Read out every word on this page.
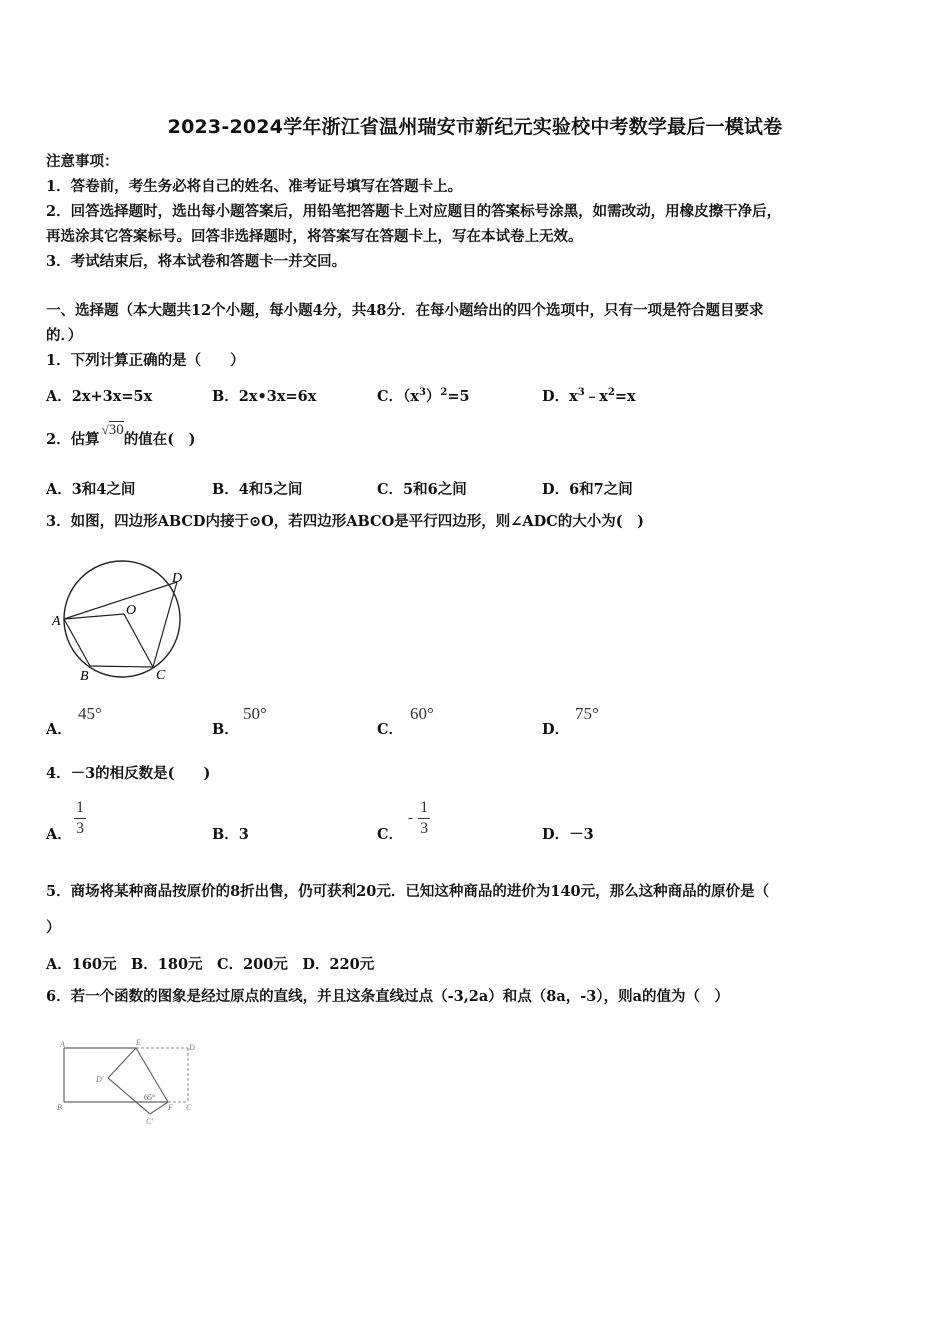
2023-2024学年浙江省温州瑞安市新纪元实验校中考数学最后一模试卷
注意事项：
1．答卷前，考生务必将自己的姓名、准考证号填写在答题卡上。
2．回答选择题时，选出每小题答案后，用铅笔把答题卡上对应题目的答案标号涂黑，如需改动，用橡皮擦干净后，
再选涂其它答案标号。回答非选择题时，将答案写在答题卡上，写在本试卷上无效。
3．考试结束后，将本试卷和答题卡一并交回。
一、选择题（本大题共12个小题，每小题4分，共48分．在每小题给出的四个选项中，只有一项是符合题目要求
的．）
1．下列计算正确的是（　　）
A．2x+3x=5x	B．2x•3x=6x	C．$(x^3)^2=5$	D．$x^3﹣x^2=x$
2．估算√30的值在(　)
A．3和4之间	B．4和5之间	C．5和6之间	D．6和7之间
3．如图，四边形ABCD内接于⊙O，若四边形ABCO是平行四边形，则∠ADC的大小为(　)
A
B	C
D
O
A．
45°
B．
50°
C．
60°
D．
75°
4．－3的相反数是(　　)
A． $\frac{1}{3}$	B．3	C．
- $\frac{1}{3}$	D．－3
5．商场将某种商品按原价的8折出售，仍可获利20元．已知这种商品的进价为140元，那么这种商品的原价是（
）
A．160元　B．180元　C．200元　D．220元
6．若一个函数的图象是经过原点的直线，并且这条直线过点（-3,2a）和点（8a，-3），则a的值为（　）
A
B	C
D
E
F
C'
D'
65°
